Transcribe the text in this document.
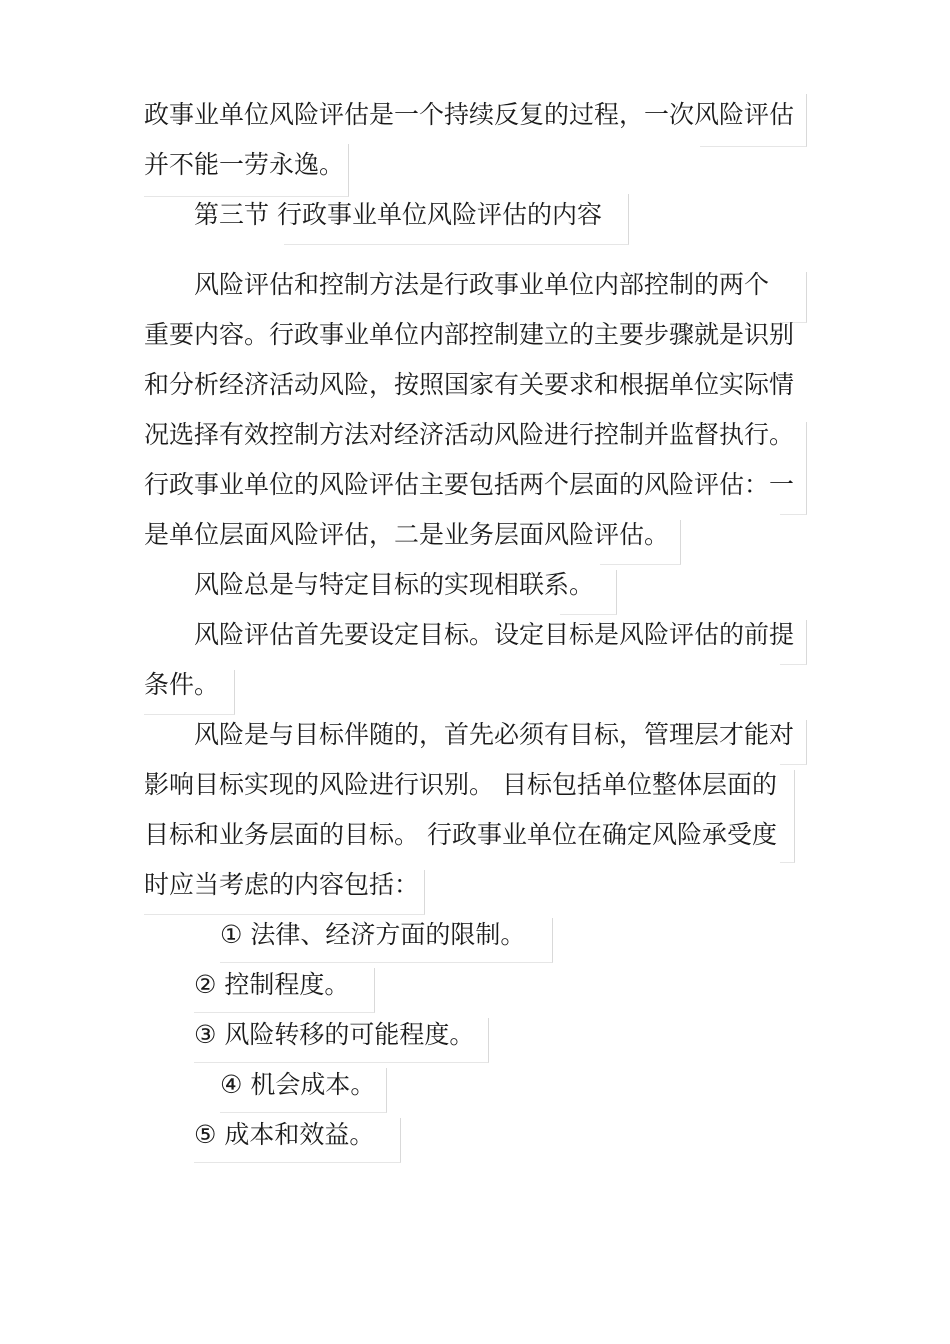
政事业单位风险评估是一个持续反复的过程，一次风险评估
并不能一劳永逸。
第三节 行政事业单位风险评估的内容
风险评估和控制方法是行政事业单位内部控制的两个
重要内容。行政事业单位内部控制建立的主要步骤就是识别
和分析经济活动风险，按照国家有关要求和根据单位实际情
况选择有效控制方法对经济活动风险进行控制并监督执行。
行政事业单位的风险评估主要包括两个层面的风险评估：一
是单位层面风险评估，二是业务层面风险评估。
风险总是与特定目标的实现相联系。
风险评估首先要设定目标。设定目标是风险评估的前提
条件。
风险是与目标伴随的，首先必须有目标，管理层才能对
影响目标实现的风险进行识别。 目标包括单位整体层面的
目标和业务层面的目标。 行政事业单位在确定风险承受度
时应当考虑的内容包括：
① 法律、经济方面的限制。
② 控制程度。
③ 风险转移的可能程度。
④ 机会成本。
⑤ 成本和效益。
